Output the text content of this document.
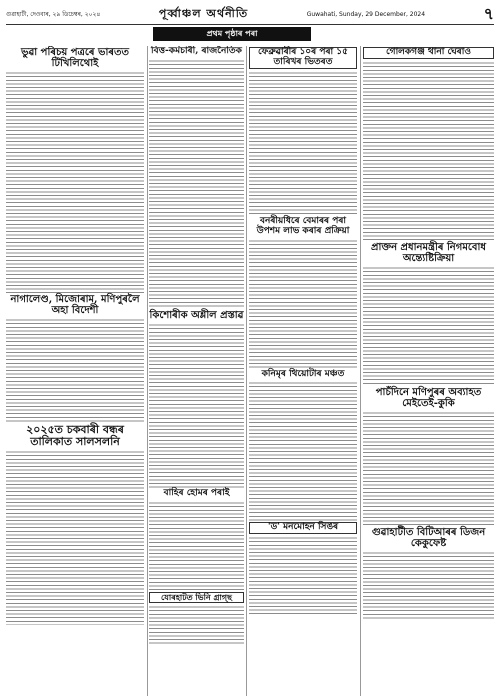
গুৱাহাটী, দেওবাৰ, ২৯ ডিচেম্বৰ, ২০২৪	পূৰ্ব্বাঞ্চল অৰ্থনীতি	Guwahati, Sunday, 29 December, 2024	৭
প্ৰথম পৃষ্ঠাৰ পৰা
ভুৱা পৰিচয় পত্ৰৰে ভাৰতত টিখিলিথোই
নাগালেণ্ড, মিজোৰাম, মণিপুৰলৈ অহা বিদেশী
২০২৫ত চকবাৰী বন্ধৰ তালিকাত সালসলনি
বিত্ত-কৰ্মচাৰী, ৰাজনৈতিক
কিশোৰীক অশ্লীল প্ৰস্তাৱ
বাহিৰ হোমৰ পৰাই
যোৰহাটত ভিনি গ্ৰাগ্ছ
ফেব্ৰুৱাৰীৰ ১০ৰ পৰা ১৫ তাৰিখৰ ভিতৰত
বনৰীয়ধিৰে বেমাৰৰ পৰা উপশম লাভ কৰাৰ প্ৰক্ৰিয়া
কনিমৃৰ থিয়োটাৰ মঞ্চত
'ড' মনমোহন সিঙৰ
গোলকগঞ্জ থানা ঘেৰাও
প্ৰাক্তন প্ৰধানমন্ত্ৰীৰ নিগমবোধ অন্ত্যেষ্টিক্ৰিয়া
পাচঁদিনে মণিপুৰৰ অব্যাহত মেইতেই-কুকি
গুৱাহাটীত বিটিআৰৰ ডিজন কেকুফেষ্ট
